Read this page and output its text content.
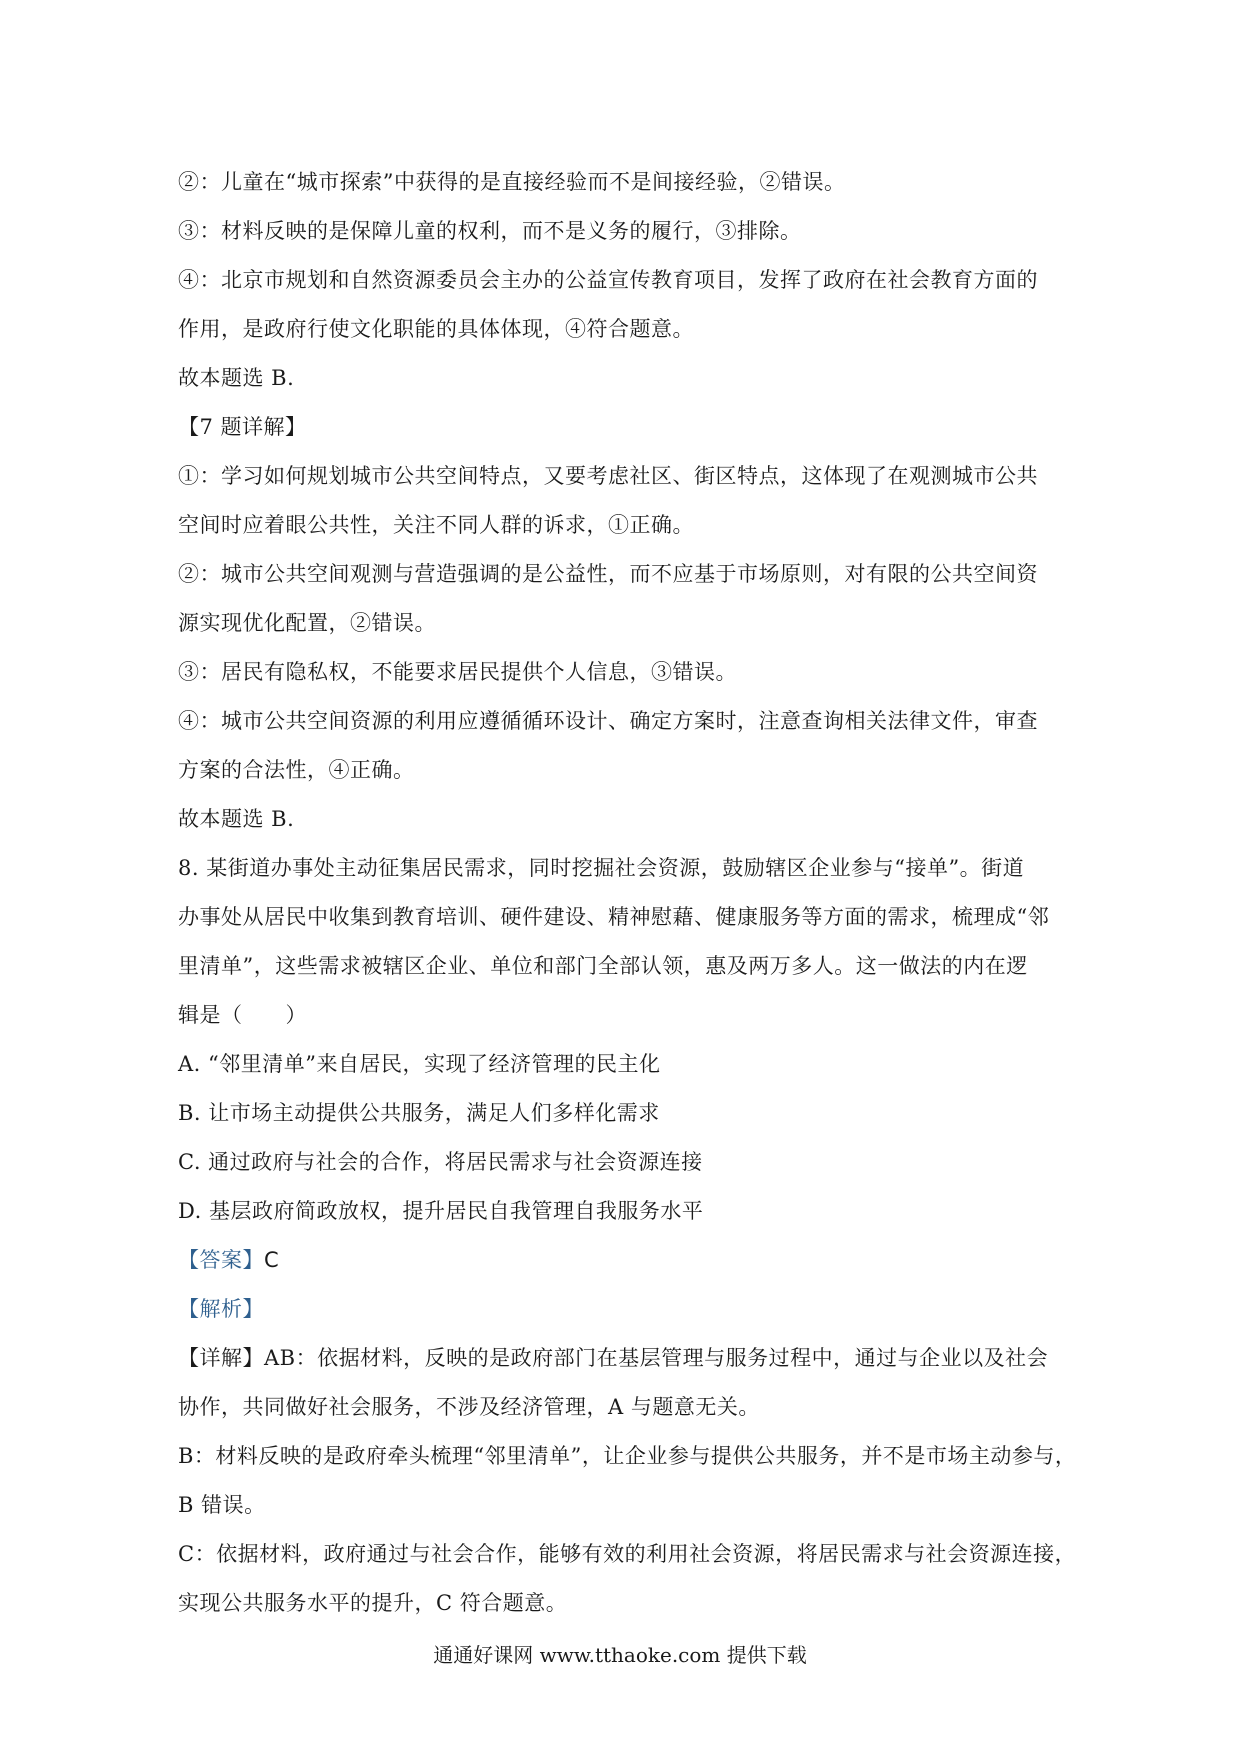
②：儿童在“城市探索”中获得的是直接经验而不是间接经验，②错误。
③：材料反映的是保障儿童的权利，而不是义务的履行，③排除。
④：北京市规划和自然资源委员会主办的公益宣传教育项目，发挥了政府在社会教育方面的
作用，是政府行使文化职能的具体体现，④符合题意。
故本题选 B.
【7 题详解】
①：学习如何规划城市公共空间特点，又要考虑社区、街区特点，这体现了在观测城市公共
空间时应着眼公共性，关注不同人群的诉求，①正确。
②：城市公共空间观测与营造强调的是公益性，而不应基于市场原则，对有限的公共空间资
源实现优化配置，②错误。
③：居民有隐私权，不能要求居民提供个人信息，③错误。
④：城市公共空间资源的利用应遵循循环设计、确定方案时，注意查询相关法律文件，审查
方案的合法性，④正确。
故本题选 B.
8. 某街道办事处主动征集居民需求，同时挖掘社会资源，鼓励辖区企业参与“接单”。街道
办事处从居民中收集到教育培训、硬件建设、精神慰藉、健康服务等方面的需求，梳理成“邻
里清单”，这些需求被辖区企业、单位和部门全部认领，惠及两万多人。这一做法的内在逻
辑是（　　）
A. “邻里清单”来自居民，实现了经济管理的民主化
B. 让市场主动提供公共服务，满足人们多样化需求
C. 通过政府与社会的合作，将居民需求与社会资源连接
D. 基层政府简政放权，提升居民自我管理自我服务水平
【答案】C
【解析】
【详解】AB：依据材料，反映的是政府部门在基层管理与服务过程中，通过与企业以及社会
协作，共同做好社会服务，不涉及经济管理，A 与题意无关。
B：材料反映的是政府牵头梳理“邻里清单”，让企业参与提供公共服务，并不是市场主动参与，
B 错误。
C：依据材料，政府通过与社会合作，能够有效的利用社会资源，将居民需求与社会资源连接，
实现公共服务水平的提升，C 符合题意。
通通好课网 www.tthaoke.com 提供下载
